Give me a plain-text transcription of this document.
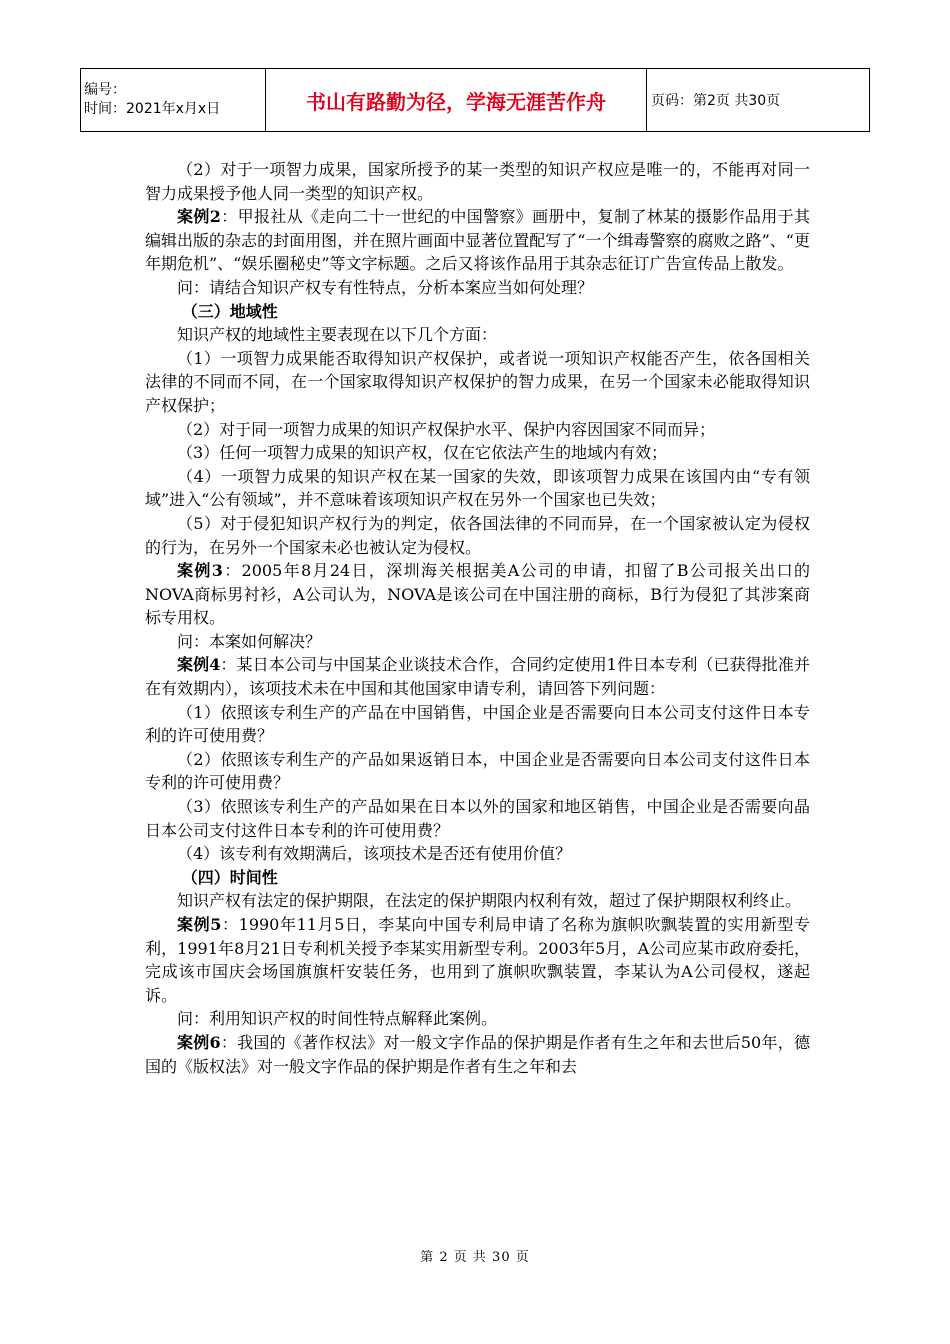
编号：
时间：2021年x月x日	书山有路勤为径，学海无涯苦作舟	页码：第2页 共30页

（2）对于一项智力成果，国家所授予的某一类型的知识产权应是唯一的，不能再对同一智力成果授予他人同一类型的知识产权。

案例2：甲报社从《走向二十一世纪的中国警察》画册中，复制了林某的摄影作品用于其编辑出版的杂志的封面用图，并在照片画面中显著位置配写了“一个缉毒警察的腐败之路”、“更年期危机”、“娱乐圈秘史”等文字标题。之后又将该作品用于其杂志征订广告宣传品上散发。

问：请结合知识产权专有性特点，分析本案应当如何处理？

（三）地域性

知识产权的地域性主要表现在以下几个方面：

（1）一项智力成果能否取得知识产权保护，或者说一项知识产权能否产生，依各国相关法律的不同而不同，在一个国家取得知识产权保护的智力成果，在另一个国家未必能取得知识产权保护；

（2）对于同一项智力成果的知识产权保护水平、保护内容因国家不同而异；

（3）任何一项智力成果的知识产权，仅在它依法产生的地域内有效；

（4）一项智力成果的知识产权在某一国家的失效，即该项智力成果在该国内由“专有领域”进入“公有领域”，并不意味着该项知识产权在另外一个国家也已失效；

（5）对于侵犯知识产权行为的判定，依各国法律的不同而异，在一个国家被认定为侵权的行为，在另外一个国家未必也被认定为侵权。

案例3：2005年8月24日，深圳海关根据美A公司的申请，扣留了B公司报关出口的NOVA商标男衬衫，A公司认为，NOVA是该公司在中国注册的商标，B行为侵犯了其涉案商标专用权。

问：本案如何解决？

案例4：某日本公司与中国某企业谈技术合作，合同约定使用1件日本专利（已获得批准并在有效期内），该项技术未在中国和其他国家申请专利，请回答下列问题：

（1）依照该专利生产的产品在中国销售，中国企业是否需要向日本公司支付这件日本专利的许可使用费？

（2）依照该专利生产的产品如果返销日本，中国企业是否需要向日本公司支付这件日本专利的许可使用费？

（3）依照该专利生产的产品如果在日本以外的国家和地区销售，中国企业是否需要向晶日本公司支付这件日本专利的许可使用费？

（4）该专利有效期满后，该项技术是否还有使用价值？

（四）时间性

知识产权有法定的保护期限，在法定的保护期限内权利有效，超过了保护期限权利终止。

案例5：1990年11月5日，李某向中国专利局申请了名称为旗帜吹飘装置的实用新型专利，1991年8月21日专利机关授予李某实用新型专利。2003年5月，A公司应某市政府委托，完成该市国庆会场国旗旗杆安装任务，也用到了旗帜吹飘装置，李某认为A公司侵权，遂起诉。

问：利用知识产权的时间性特点解释此案例。

案例6：我国的《著作权法》对一般文字作品的保护期是作者有生之年和去世后50年，德国的《版权法》对一般文字作品的保护期是作者有生之年和去

第 2 页 共 30 页
